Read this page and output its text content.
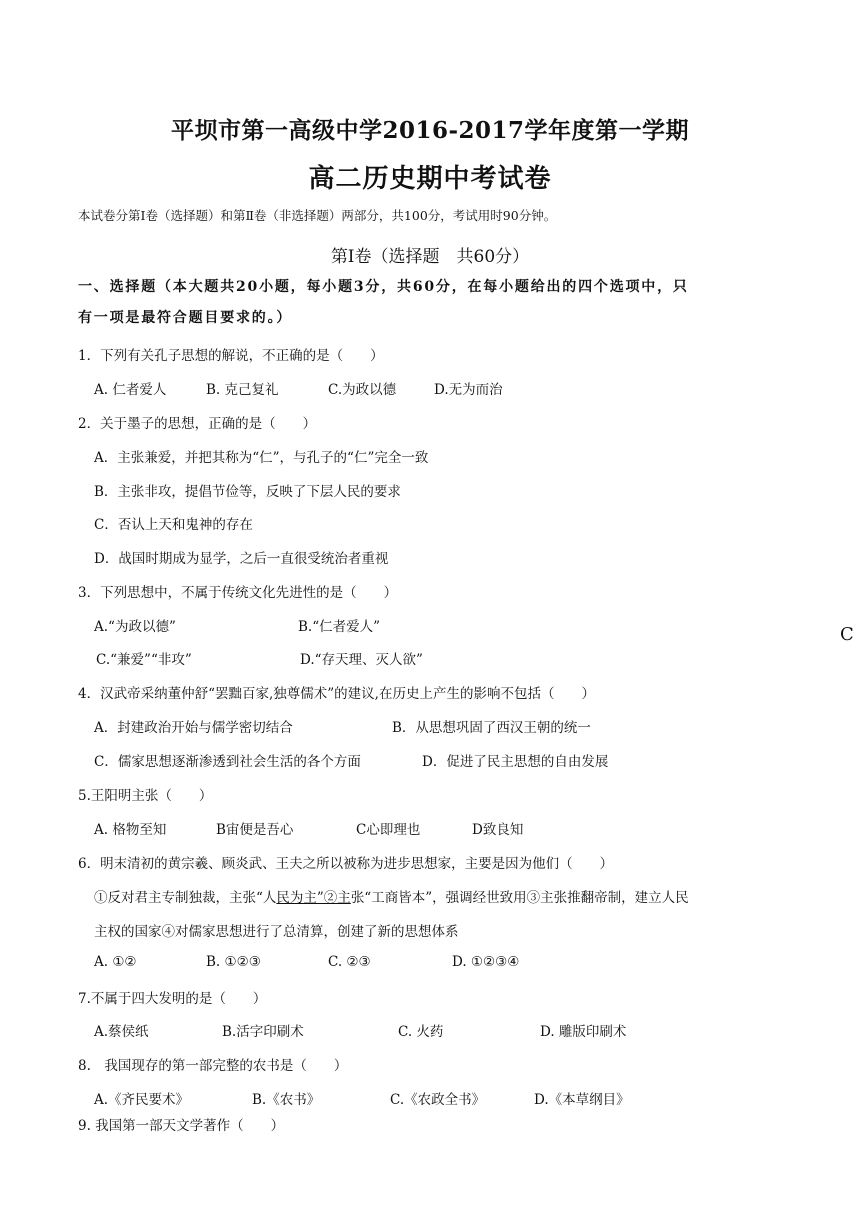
平坝市第一高级中学2016-2017学年度第一学期
高二历史期中考试卷
本试卷分第Ⅰ卷（选择题）和第Ⅱ卷（非选择题）两部分，共100分，考试用时90分钟。
第Ⅰ卷（选择题　共60分）
一、选择题（本大题共20小题，每小题3分，共60分，在每小题给出的四个选项中，只
有一项是最符合题目要求的。）
1．下列有关孔子思想的解说，不正确的是（　　）
A. 仁者爱人	B. 克己复礼	C.为政以德	D.无为而治
2．关于墨子的思想，正确的是（　　）
A．主张兼爱，并把其称为“仁”，与孔子的“仁”完全一致
B．主张非攻，提倡节俭等，反映了下层人民的要求
C．否认上天和鬼神的存在
D．战国时期成为显学，之后一直很受统治者重视
3．下列思想中，不属于传统文化先进性的是（　　）
A.“为政以德”	B.“仁者爱人”
C.“兼爱”“非攻”	D.“存天理、灭人欲”
4．汉武帝采纳董仲舒“罢黜百家,独尊儒术”的建议,在历史上产生的影响不包括（　　）
A．封建政治开始与儒学密切结合	B．从思想巩固了西汉王朝的统一
C．儒家思想逐渐渗透到社会生活的各个方面	D．促进了民主思想的自由发展
5.王阳明主张（　　）
A. 格物至知	B宙便是吾心	C心即理也	D致良知
6．明末清初的黄宗羲、顾炎武、王夫之所以被称为进步思想家，主要是因为他们（　　）
①反对君主专制独裁，主张“人民为主”②主张“工商皆本”，强调经世致用③主张推翻帝制，建立人民
主权的国家④对儒家思想进行了总清算，创建了新的思想体系
A. ①②	B. ①②③	C. ②③	D. ①②③④
7.不属于四大发明的是（　　）
A.蔡侯纸	B.活字印刷术	C. 火药	D. 雕版印刷术
8.　我国现存的第一部完整的农书是（　　）
A.《齐民要术》	B.《农书》	C.《农政全书》	D.《本草纲目》
9. 我国第一部天文学著作（　　）
C
